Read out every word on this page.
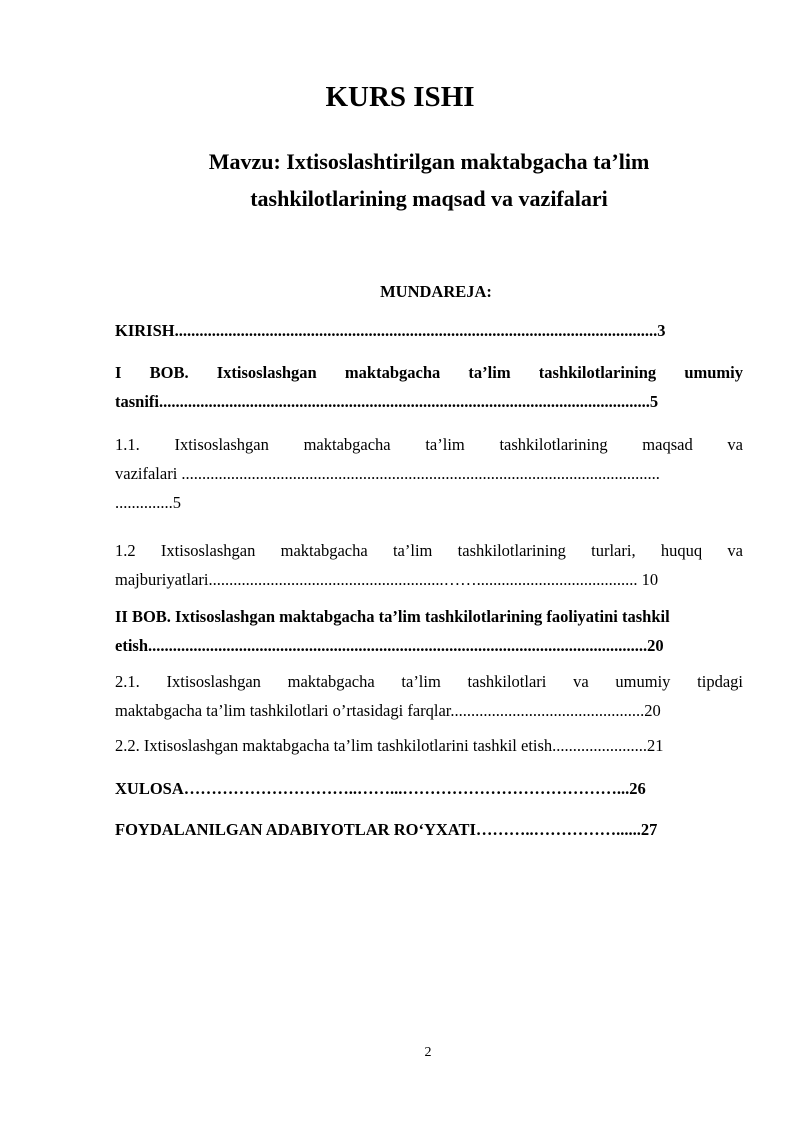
KURS ISHI
Mavzu: Ixtisoslashtirilgan maktabgacha ta’lim
tashkilotlarining maqsad va vazifalari
MUNDAREJA:
KIRISH.....................................................................................................................3
I BOB. Ixtisoslashgan maktabgacha ta’lim tashkilotlarining umumiy
tasnifi.......................................................................................................................5
1.1. Ixtisoslashgan maktabgacha ta’lim tashkilotlarining maqsad va
vazifalari ....................................................................................................................
..............5
1.2 Ixtisoslashgan maktabgacha ta’lim tashkilotlarining turlari, huquq va
majburiyatlari.........................................................……....................................... 10
II BOB. Ixtisoslashgan maktabgacha ta’lim tashkilotlarining faoliyatini tashkil
etish.........................................................................................................................20
2.1. Ixtisoslashgan maktabgacha ta’lim tashkilotlari va umumiy tipdagi
maktabgacha ta’lim tashkilotlari o’rtasidagi farqlar...............................................20
2.2. Ixtisoslashgan maktabgacha ta’lim tashkilotlarini tashkil etish.......................21
XULOSA…………………………..……...…………………………………...26
FOYDALANILGAN ADABIYOTLAR RO‘YXATI………..……………......27
2
